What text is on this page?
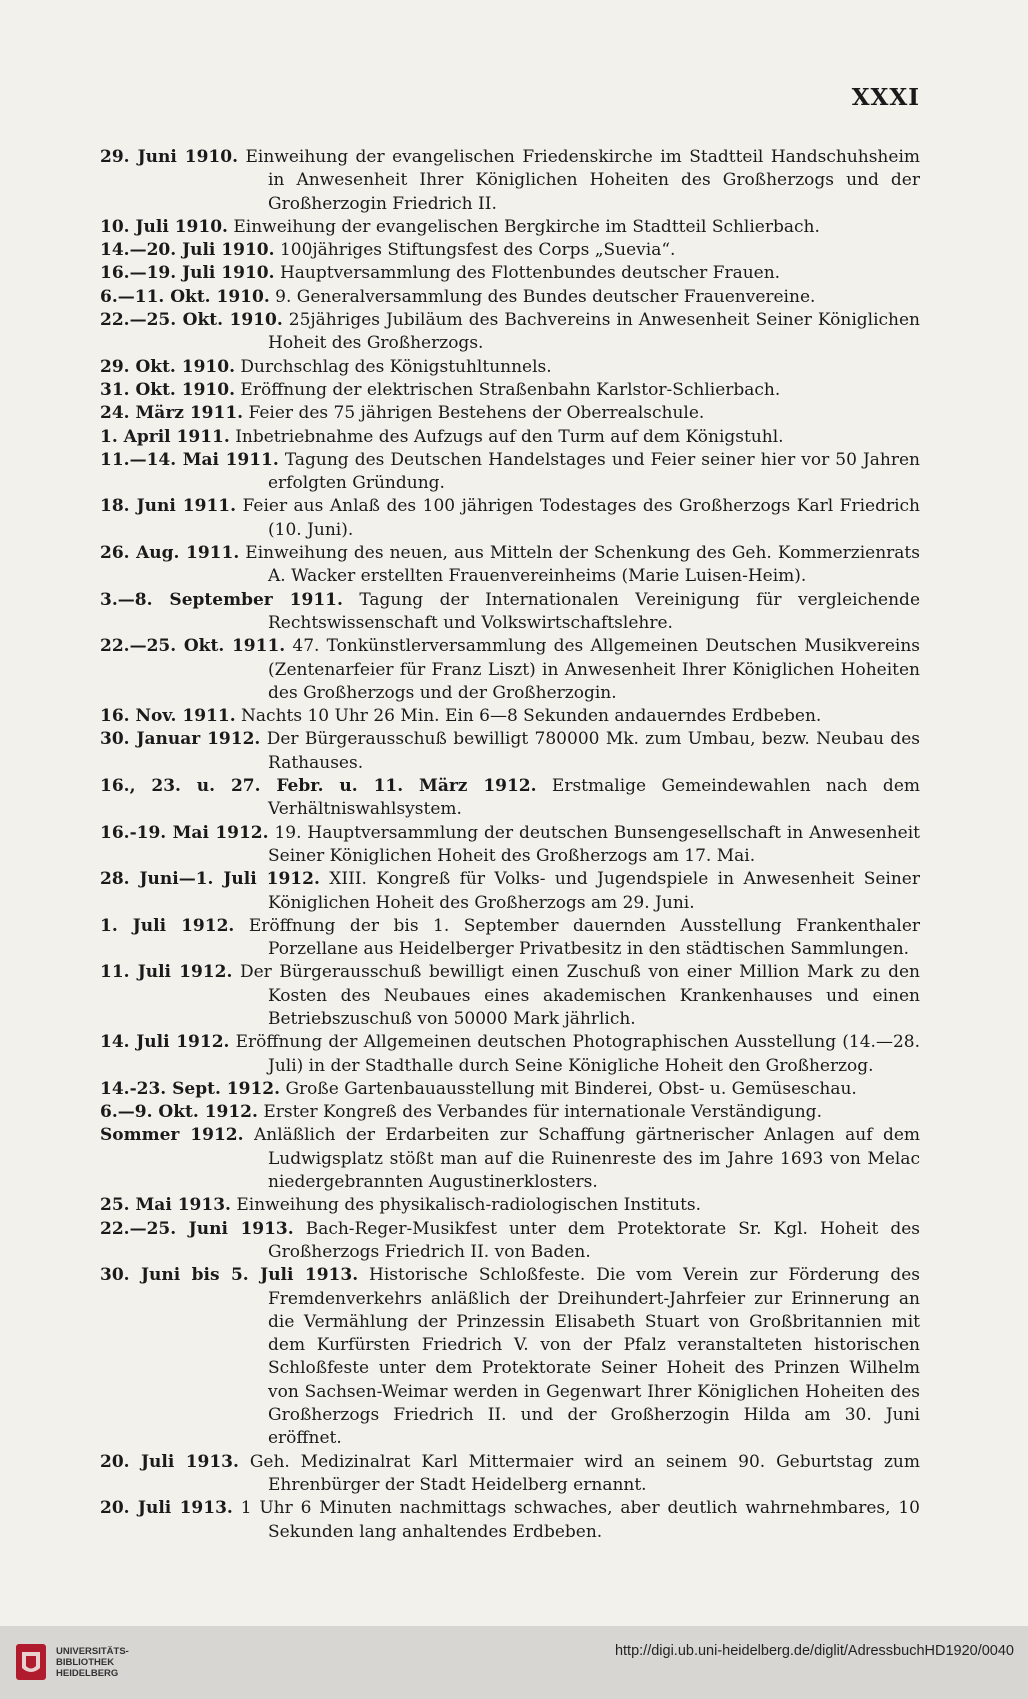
XXXI
29. Juni 1910. Einweihung der evangelischen Friedenskirche im Stadtteil Handschuhsheim in Anwesenheit Ihrer Königlichen Hoheiten des Großherzogs und der Großherzogin Friedrich II.
10. Juli 1910. Einweihung der evangelischen Bergkirche im Stadtteil Schlierbach.
14.—20. Juli 1910. 100jähriges Stiftungsfest des Corps „Suevia“.
16.—19. Juli 1910. Hauptversammlung des Flottenbundes deutscher Frauen.
6.—11. Okt. 1910. 9. Generalversammlung des Bundes deutscher Frauenvereine.
22.—25. Okt. 1910. 25jähriges Jubiläum des Bachvereins in Anwesenheit Seiner Königlichen Hoheit des Großherzogs.
29. Okt. 1910. Durchschlag des Königstuhltunnels.
31. Okt. 1910. Eröffnung der elektrischen Straßenbahn Karlstor-Schlierbach.
24. März 1911. Feier des 75 jährigen Bestehens der Oberrealschule.
1. April 1911. Inbetriebnahme des Aufzugs auf den Turm auf dem Königstuhl.
11.—14. Mai 1911. Tagung des Deutschen Handelstages und Feier seiner hier vor 50 Jahren erfolgten Gründung.
18. Juni 1911. Feier aus Anlaß des 100 jährigen Todestages des Großherzogs Karl Friedrich (10. Juni).
26. Aug. 1911. Einweihung des neuen, aus Mitteln der Schenkung des Geh. Kommerzienrats A. Wacker erstellten Frauenvereinheims (Marie Luisen-Heim).
3.—8. September 1911. Tagung der Internationalen Vereinigung für vergleichende Rechtswissenschaft und Volkswirtschaftslehre.
22.—25. Okt. 1911. 47. Tonkünstlerversammlung des Allgemeinen Deutschen Musikvereins (Zentenarfeier für Franz Liszt) in Anwesenheit Ihrer Königlichen Hoheiten des Großherzogs und der Großherzogin.
16. Nov. 1911. Nachts 10 Uhr 26 Min. Ein 6—8 Sekunden andauerndes Erdbeben.
30. Januar 1912. Der Bürgerausschuß bewilligt 780000 Mk. zum Umbau, bezw. Neubau des Rathauses.
16., 23. u. 27. Febr. u. 11. März 1912. Erstmalige Gemeindewahlen nach dem Verhältniswahlsystem.
16.-19. Mai 1912. 19. Hauptversammlung der deutschen Bunsengesellschaft in Anwesenheit Seiner Königlichen Hoheit des Großherzogs am 17. Mai.
28. Juni—1. Juli 1912. XIII. Kongreß für Volks- und Jugendspiele in Anwesenheit Seiner Königlichen Hoheit des Großherzogs am 29. Juni.
1. Juli 1912. Eröffnung der bis 1. September dauernden Ausstellung Frankenthaler Porzellane aus Heidelberger Privatbesitz in den städtischen Sammlungen.
11. Juli 1912. Der Bürgerausschuß bewilligt einen Zuschuß von einer Million Mark zu den Kosten des Neubaues eines akademischen Krankenhauses und einen Betriebszuschuß von 50000 Mark jährlich.
14. Juli 1912. Eröffnung der Allgemeinen deutschen Photographischen Ausstellung (14.—28. Juli) in der Stadthalle durch Seine Königliche Hoheit den Großherzog.
14.-23. Sept. 1912. Große Gartenbauausstellung mit Binderei, Obst- u. Gemüseschau.
6.—9. Okt. 1912. Erster Kongreß des Verbandes für internationale Verständigung.
Sommer 1912. Anläßlich der Erdarbeiten zur Schaffung gärtnerischer Anlagen auf dem Ludwigsplatz stößt man auf die Ruinenreste des im Jahre 1693 von Melac niedergebrannten Augustinerklosters.
25. Mai 1913. Einweihung des physikalisch-radiologischen Instituts.
22.—25. Juni 1913. Bach-Reger-Musikfest unter dem Protektorate Sr. Kgl. Hoheit des Großherzogs Friedrich II. von Baden.
30. Juni bis 5. Juli 1913. Historische Schloßfeste. Die vom Verein zur Förderung des Fremdenverkehrs anläßlich der Dreihundert-Jahrfeier zur Erinnerung an die Vermählung der Prinzessin Elisabeth Stuart von Großbritannien mit dem Kurfürsten Friedrich V. von der Pfalz veranstalteten historischen Schloßfeste unter dem Protektorate Seiner Hoheit des Prinzen Wilhelm von Sachsen-Weimar werden in Gegenwart Ihrer Königlichen Hoheiten des Großherzogs Friedrich II. und der Großherzogin Hilda am 30. Juni eröffnet.
20. Juli 1913. Geh. Medizinalrat Karl Mittermaier wird an seinem 90. Geburtstag zum Ehrenbürger der Stadt Heidelberg ernannt.
20. Juli 1913. 1 Uhr 6 Minuten nachmittags schwaches, aber deutlich wahrnehmbares, 10 Sekunden lang anhaltendes Erdbeben.
UNIVERSITÄTS-
BIBLIOTHEK
HEIDELBERG
http://digi.ub.uni-heidelberg.de/diglit/AdressbuchHD1920/0040
